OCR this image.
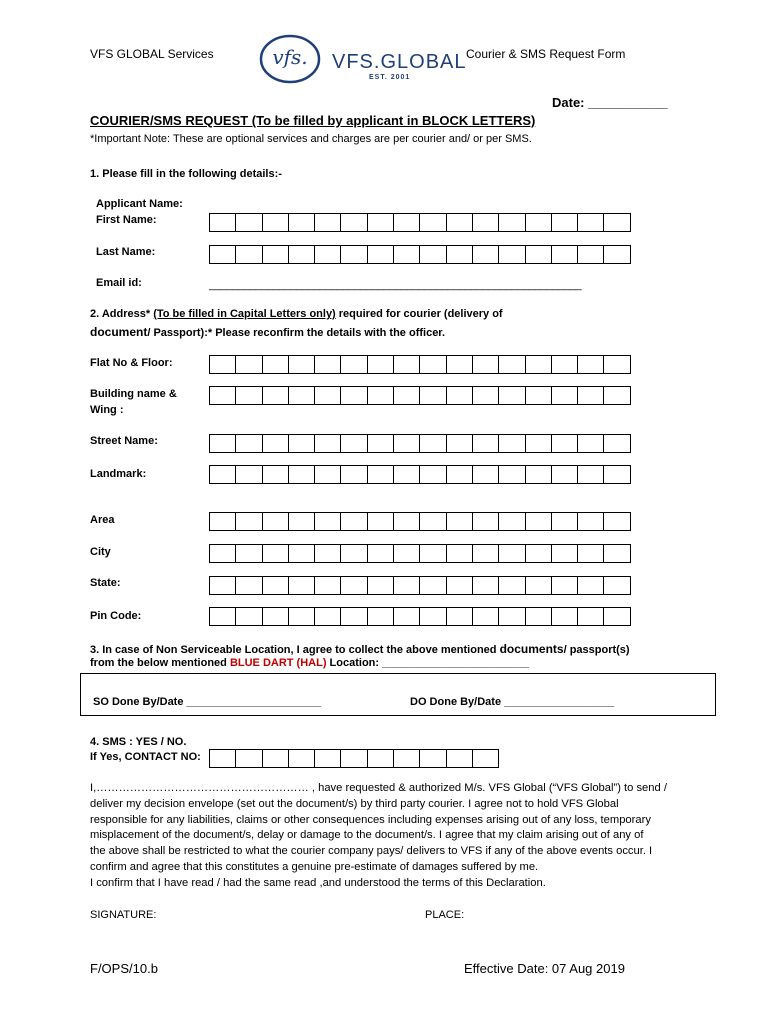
VFS GLOBAL Services	vfs.	VFS.GLOBAL
EST. 2001
Courier & SMS Request Form
Date: ___________
COURIER/SMS REQUEST (To be filled by applicant in BLOCK LETTERS)
*Important Note: These are optional services and charges are per courier and/ or per SMS.
1. Please fill in the following details:-
Applicant Name:
First Name:
Last Name:
Email id:	________________________________________________________________
2. Address* (To be filled in Capital Letters only) required for courier (delivery of
document/ Passport):* Please reconfirm the details with the officer.
Flat No & Floor:
Building name &
Wing :
Street Name:
Landmark:
Area
City
State:
Pin Code:
3. In case of Non Serviceable Location, I agree to collect the above mentioned documents/ passport(s)
from the below mentioned BLUE DART (HAL) Location: ________________________
SO Done By/Date ______________________	DO Done By/Date __________________
4. SMS : YES / NO.
If Yes, CONTACT NO:
I,………………………………………………… , have requested & authorized M/s. VFS Global (“VFS Global”) to send /
deliver my decision envelope (set out the document/s) by third party courier. I agree not to hold VFS Global
responsible for any liabilities, claims or other consequences including expenses arising out of any loss, temporary
misplacement of the document/s, delay or damage to the document/s. I agree that my claim arising out of any of
the above shall be restricted to what the courier company pays/ delivers to VFS if any of the above events occur. I
confirm and agree that this constitutes a genuine pre-estimate of damages suffered by me.
I confirm that I have read / had the same read ,and understood the terms of this Declaration.
SIGNATURE:	PLACE:
F/OPS/10.b	Effective Date: 07 Aug 2019
